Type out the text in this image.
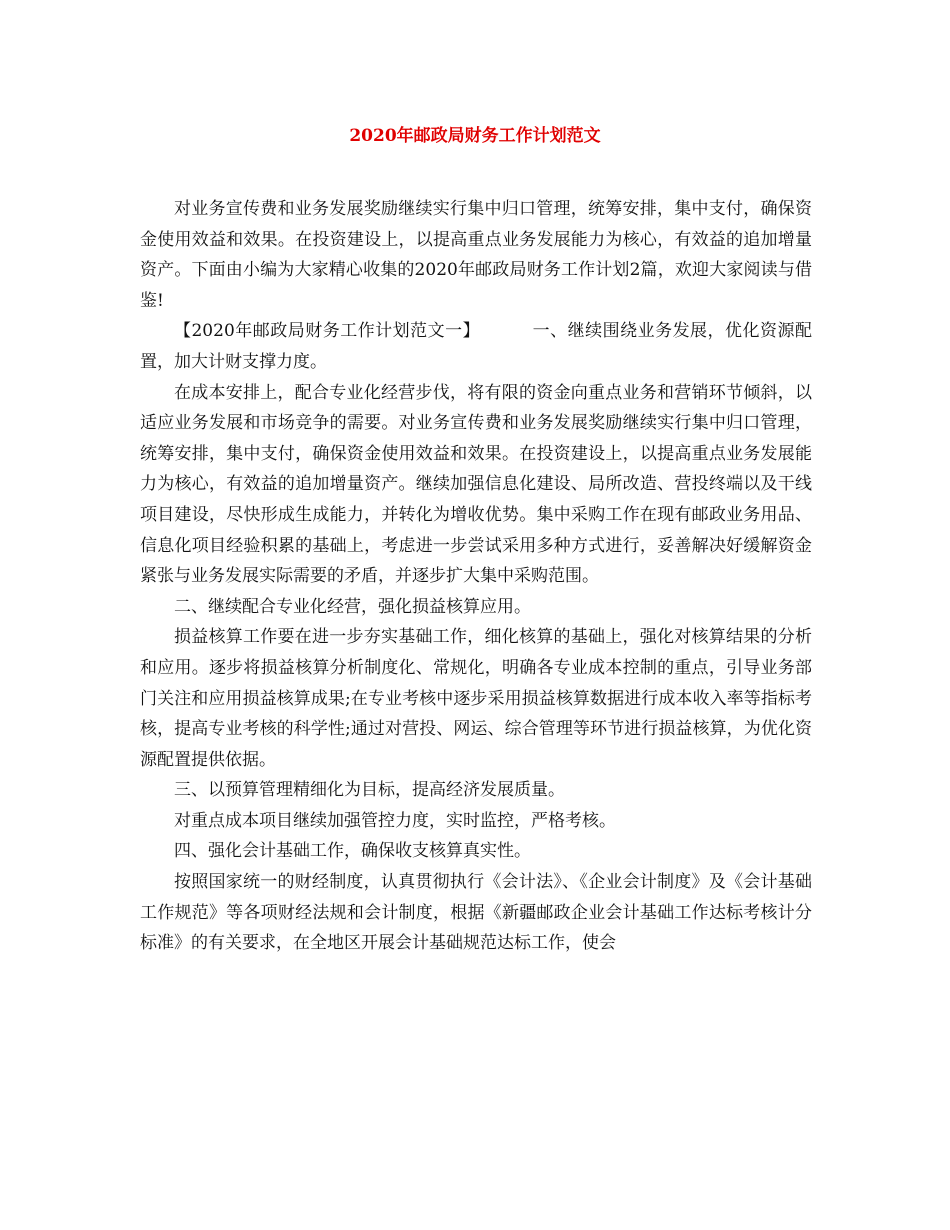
2020年邮政局财务工作计划范文

对业务宣传费和业务发展奖励继续实行集中归口管理，统筹安排，集中支付，确保资金使用效益和效果。在投资建设上，以提高重点业务发展能力为核心，有效益的追加增量资产。下面由小编为大家精心收集的2020年邮政局财务工作计划2篇，欢迎大家阅读与借鉴!

【2020年邮政局财务工作计划范文一】	一、继续围绕业务发展，优化资源配置，加大计财支撑力度。

在成本安排上，配合专业化经营步伐，将有限的资金向重点业务和营销环节倾斜，以适应业务发展和市场竞争的需要。对业务宣传费和业务发展奖励继续实行集中归口管理，统筹安排，集中支付，确保资金使用效益和效果。在投资建设上，以提高重点业务发展能力为核心，有效益的追加增量资产。继续加强信息化建设、局所改造、营投终端以及干线项目建设，尽快形成生成能力，并转化为增收优势。集中采购工作在现有邮政业务用品、信息化项目经验积累的基础上，考虑进一步尝试采用多种方式进行，妥善解决好缓解资金紧张与业务发展实际需要的矛盾，并逐步扩大集中采购范围。

二、继续配合专业化经营，强化损益核算应用。

损益核算工作要在进一步夯实基础工作，细化核算的基础上，强化对核算结果的分析和应用。逐步将损益核算分析制度化、常规化，明确各专业成本控制的重点，引导业务部门关注和应用损益核算成果;在专业考核中逐步采用损益核算数据进行成本收入率等指标考核，提高专业考核的科学性;通过对营投、网运、综合管理等环节进行损益核算，为优化资源配置提供依据。

三、以预算管理精细化为目标，提高经济发展质量。

对重点成本项目继续加强管控力度，实时监控，严格考核。

四、强化会计基础工作，确保收支核算真实性。

按照国家统一的财经制度，认真贯彻执行《会计法》、《企业会计制度》及《会计基础工作规范》等各项财经法规和会计制度，根据《新疆邮政企业会计基础工作达标考核计分标准》的有关要求，在全地区开展会计基础规范达标工作，使会
